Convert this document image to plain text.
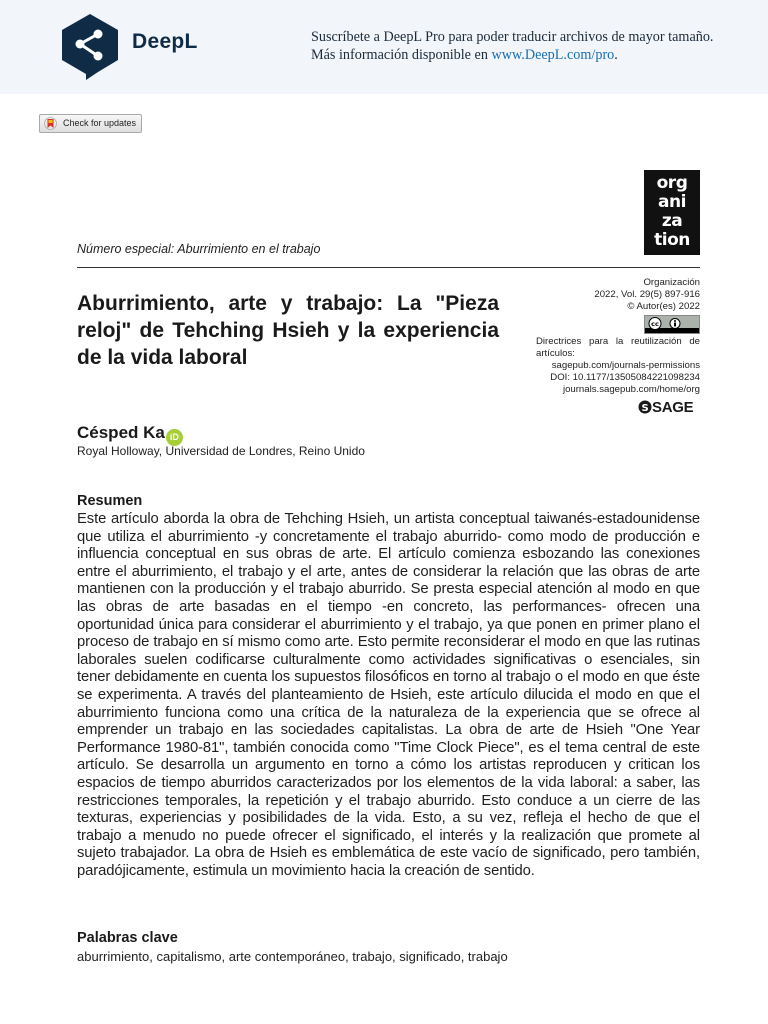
DeepL	Suscríbete a DeepL Pro para poder traducir archivos de mayor tamaño.
Más información disponible en www.DeepL.com/pro.
Check for updates
org
ani
za
tion
Número especial: Aburrimiento en el trabajo
Aburrimiento, arte y trabajo: La "Pieza reloj" de Tehching Hsieh y la experiencia de la vida laboral
Organización
2022, Vol. 29(5) 897-916
© Autor(es) 2022
cc
Directrices para la reutilización de artículos:
sagepub.com/journals-permissions
DOI: 10.1177/13505084221098234
journals.sagepub.com/home/org
S SAGE
Césped Ka iD
Royal Holloway, Universidad de Londres, Reino Unido
Resumen
Este artículo aborda la obra de Tehching Hsieh, un artista conceptual taiwanés-estadounidense que utiliza el aburrimiento -y concretamente el trabajo aburrido- como modo de producción e influencia conceptual en sus obras de arte. El artículo comienza esbozando las conexiones entre el aburrimiento, el trabajo y el arte, antes de considerar la relación que las obras de arte mantienen con la producción y el trabajo aburrido. Se presta especial atención al modo en que las obras de arte basadas en el tiempo -en concreto, las performances- ofrecen una oportunidad única para considerar el aburrimiento y el trabajo, ya que ponen en primer plano el proceso de trabajo en sí mismo como arte. Esto permite reconsiderar el modo en que las rutinas laborales suelen codificarse culturalmente como actividades significativas o esenciales, sin tener debidamente en cuenta los supuestos filosóficos en torno al trabajo o el modo en que éste se experimenta. A través del planteamiento de Hsieh, este artículo dilucida el modo en que el aburrimiento funciona como una crítica de la naturaleza de la experiencia que se ofrece al emprender un trabajo en las sociedades capitalistas. La obra de arte de Hsieh "One Year Performance 1980-81", también conocida como "Time Clock Piece", es el tema central de este artículo. Se desarrolla un argumento en torno a cómo los artistas reproducen y critican los espacios de tiempo aburridos caracterizados por los elementos de la vida laboral: a saber, las restricciones temporales, la repetición y el trabajo aburrido. Esto conduce a un cierre de las texturas, experiencias y posibilidades de la vida. Esto, a su vez, refleja el hecho de que el trabajo a menudo no puede ofrecer el significado, el interés y la realización que promete al sujeto trabajador. La obra de Hsieh es emblemática de este vacío de significado, pero también, paradójicamente, estimula un movimiento hacia la creación de sentido.
Palabras clave
aburrimiento, capitalismo, arte contemporáneo, trabajo, significado, trabajo
